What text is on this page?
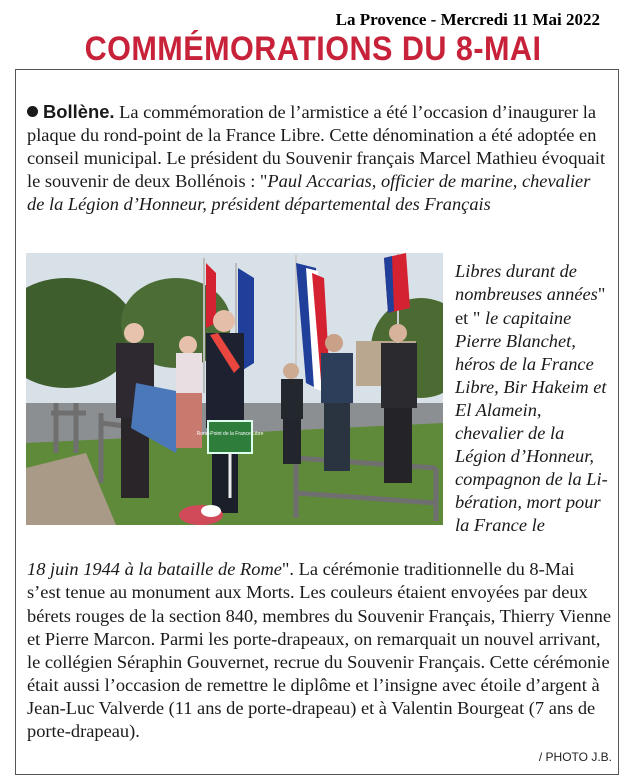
La Provence - Mercredi 11 Mai 2022
COMMÉMORATIONS DU 8-MAI

Bollène. La commémoration de l’armistice a été l’occasion d’inaugurer la plaque du rond-point de la France Libre. Cette dénomination a été adoptée en conseil municipal. Le président du Souvenir français Marcel Mathieu évoquait le souvenir de deux Bollénois : "Paul Accarias, officier de marine, chevalier de la Légion d’Honneur, président départemental des Français

Rond-Point de la France Libre

Libres durant de nombreuses années" et " le capitaine Pierre Blanchet, héros de la France Libre, Bir Hakeim et El Alamein, chevalier de la Légion d’Honneur, compagnon de la Libération, mort pour la France le

18 juin 1944 à la bataille de Rome". La cérémonie traditionnelle du 8-Mai s’est tenue au monument aux Morts. Les couleurs étaient envoyées par deux bérets rouges de la section 840, membres du Souvenir Français, Thierry Vienne et Pierre Marcon. Parmi les porte-drapeaux, on remarquait un nouvel arrivant, le collégien Séraphin Gouvernet, recrue du Souvenir Français. Cette cérémonie était aussi l’occasion de remettre le diplôme et l’insigne avec étoile d’argent à Jean-Luc Valverde (11 ans de porte-drapeau) et à Valentin Bourgeat (7 ans de porte-drapeau).

/ PHOTO J.B.
